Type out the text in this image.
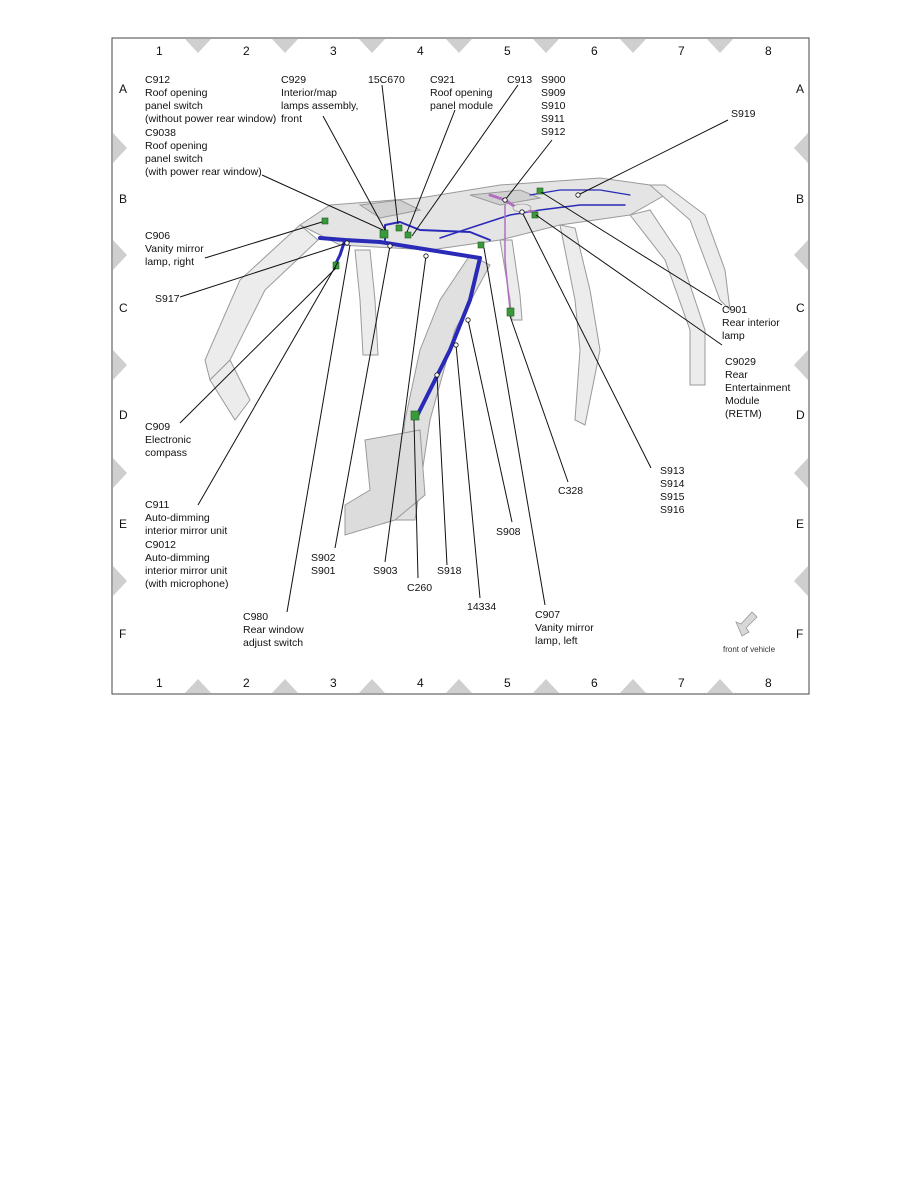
1	2	3	4	5	6	7	8
1	2	3	4	5	6	7	8
A
B
C
D
E
F
A
B
C
D
E
F
C912
Roof opening
panel switch
(without power rear window)
C9038
Roof opening
panel switch
(with power rear window)
C929
Interior/map
lamps assembly,
front
15C670 C921
Roof opening
panel module
C913 S900
S909
S910
S911
S912
S919
C906
Vanity mirror
lamp, right
S917
C901
Rear interior
lamp
C9029
Rear
Entertainment
Module
(RETM)
C909
Electronic
compass
S913
S914
S915
S916
C328
C911
Auto-dimming
interior mirror unit
C9012
Auto-dimming
interior mirror unit
(with microphone)
S908
S902
S901	S903	S918
C260
14334
C907
Vanity mirror
lamp, left
C980
Rear window
adjust switch
front of vehicle
